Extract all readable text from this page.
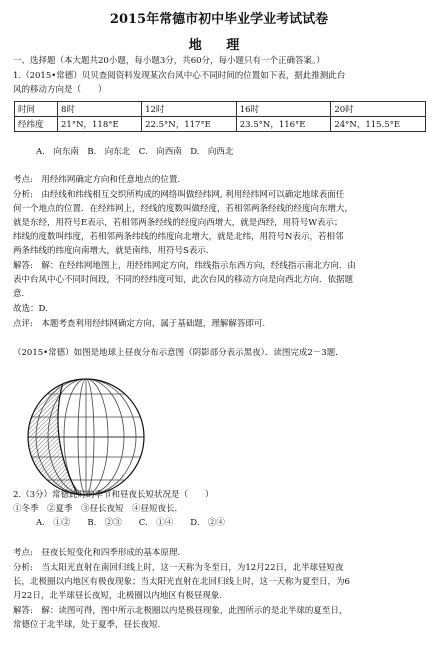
2015年常德市初中毕业学业考试试卷
地 理
一、选择题（本大题共20小题，每小题3分，共60分，每小题只有一个正确答案。）
1.（2015•常德）贝贝查阅资料发现某次台风中心不同时间的位置如下表，据此推测此台
风的移动方向是（　　）
时间	8时	12时	16时	20时
经纬度	21°N，118°E	22.5°N，117°E	23.5°N，116°E	24°N，115.5°E
A.　向东南　B.　向东北　C.　向西南　D.　向西北
考点:　用经纬网确定方向和任意地点的位置.
分析:　由经线和纬线相互交织所构成的网络叫做经纬网, 利用经纬网可以确定地球表面任
何一个地点的位置．在经纬网上，经线的度数叫做经度，若相邻两条经线的经度向东增大，
就是东经，用符号E表示，若相邻两条经线的经度向西增大，就是西经，用符号W表示；
纬线的度数叫纬度，若相邻两条纬线的纬度向北增大，就是北纬，用符号N表示，若相邻
两条纬线的纬度向南增大，就是南纬，用符号S表示.
解答:　解：在经纬网地图上，用经纬网定方向，纬线指示东西方向，经线指示南北方向．由
表中台风中心不同时间段，不同的经纬度可知，此次台风的移动方向是向西北方向．依据题
意.
故选：D.
点评:　本题考查利用经纬网确定方向，属于基础题，理解解答即可.
（2015•常德）如图是地球上昼夜分布示意图（阴影部分表示黑夜）．读图完成2－3题．
2.（3分）常德此时的季节和昼夜长短状况是（　　）
①冬季　②夏季　③昼长夜短　④昼短夜长．
A.　①②　　B.　②③　　C.　①④　　D.　②④
考点:　昼夜长短变化和四季形成的基本原理.
分析:　当太阳光直射在南回归线上时，这一天称为冬至日，为12月22日，北半球昼短夜
长，北极圈以内地区有极夜现象；当太阳光直射在北回归线上时，这一天称为夏至日，为6
月22日，北半球昼长夜短，北极圈以内地区有极昼现象.
解答:　解：读图可得，图中所示北极圈以内是极昼现象，此图所示的是北半球的夏至日，
常德位于北半球，处于夏季，昼长夜短.
